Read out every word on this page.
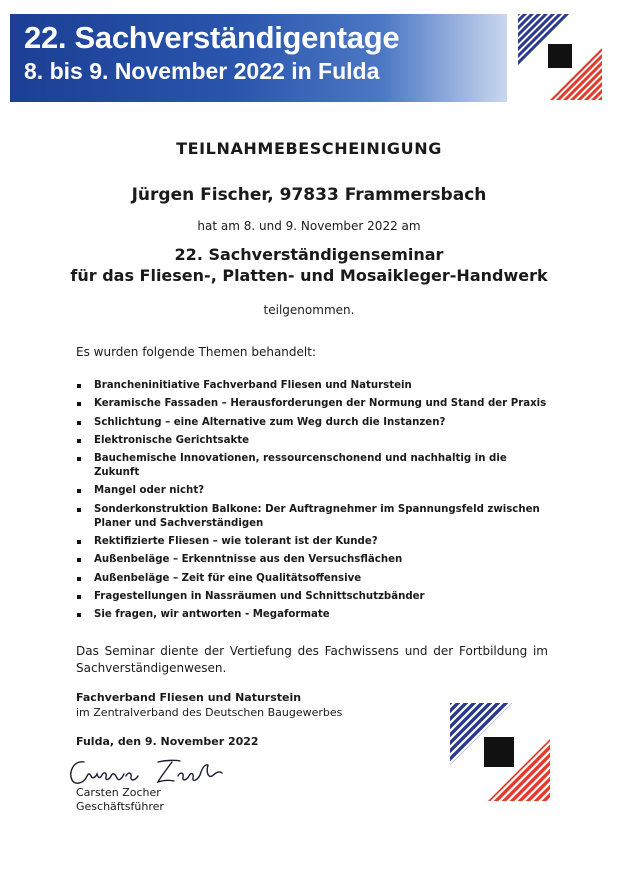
22. Sachverständigentage
8. bis 9. November 2022 in Fulda
TEILNAHMEBESCHEINIGUNG
Jürgen Fischer, 97833 Frammersbach
hat am 8. und 9. November 2022 am
22. Sachverständigenseminar
für das Fliesen-, Platten- und Mosaikleger-Handwerk
teilgenommen.
Es wurden folgende Themen behandelt:
Brancheninitiative Fachverband Fliesen und Naturstein
Keramische Fassaden – Herausforderungen der Normung und Stand der Praxis
Schlichtung – eine Alternative zum Weg durch die Instanzen?
Elektronische Gerichtsakte
Bauchemische Innovationen, ressourcenschonend und nachhaltig in die Zukunft
Mangel oder nicht?
Sonderkonstruktion Balkone: Der Auftragnehmer im Spannungsfeld zwischen Planer und Sachverständigen
Rektifizierte Fliesen – wie tolerant ist der Kunde?
Außenbeläge – Erkenntnisse aus den Versuchsflächen
Außenbeläge – Zeit für eine Qualitätsoffensive
Fragestellungen in Nassräumen und Schnittschutzbänder
Sie fragen, wir antworten - Megaformate
Das Seminar diente der Vertiefung des Fachwissens und der Fortbildung im Sachverständigenwesen.
Fachverband Fliesen und Naturstein
im Zentralverband des Deutschen Baugewerbes
Fulda, den 9. November 2022
Carsten Zocher
Geschäftsführer
